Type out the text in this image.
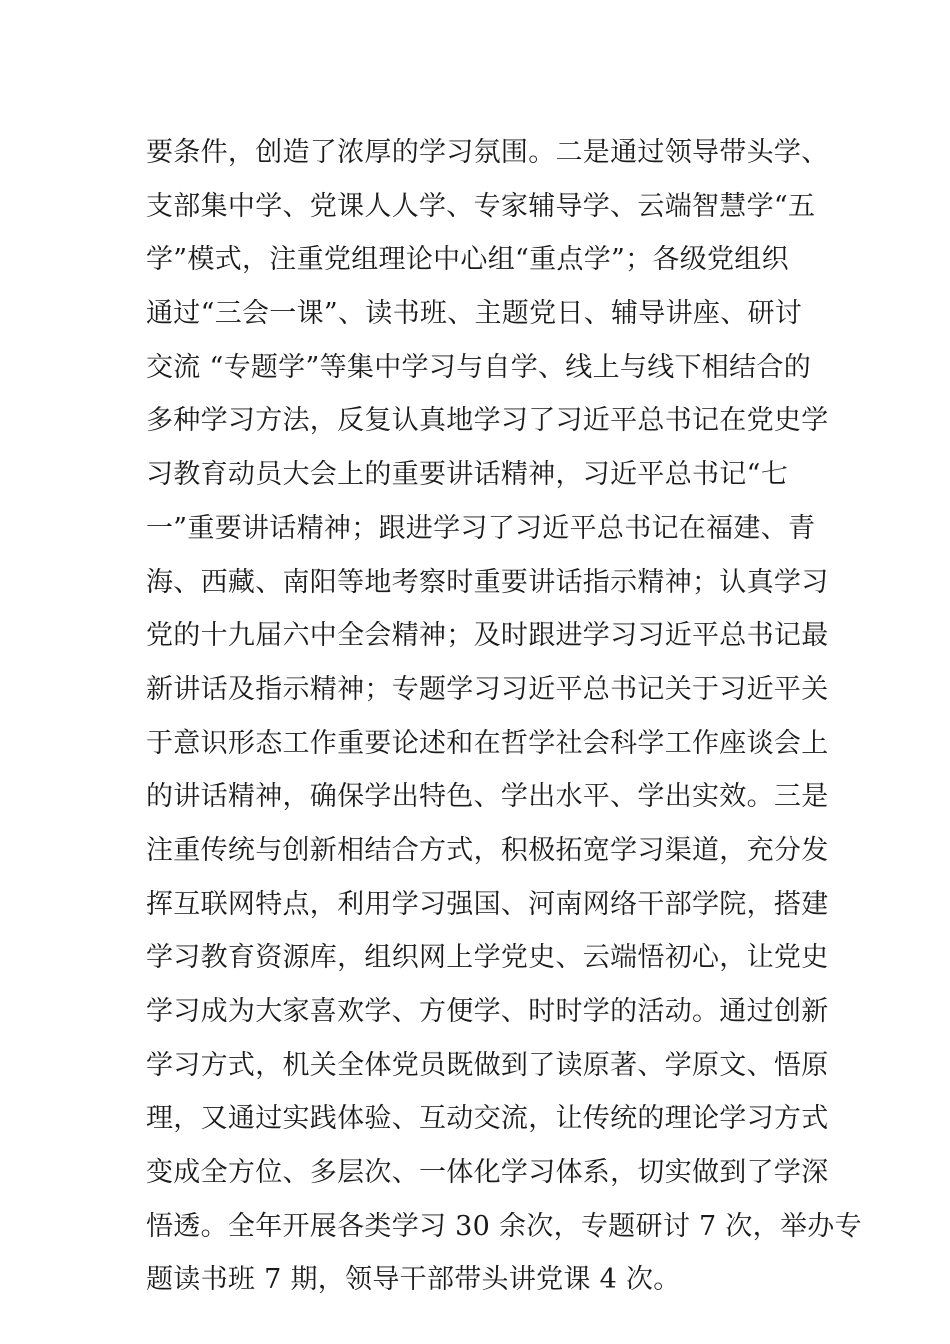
要条件，创造了浓厚的学习氛围。二是通过领导带头学、
支部集中学、党课人人学、专家辅导学、云端智慧学“五
学”模式，注重党组理论中心组“重点学”；各级党组织
通过“三会一课”、读书班、主题党日、辅导讲座、研讨
交流 “专题学”等集中学习与自学、线上与线下相结合的
多种学习方法，反复认真地学习了习近平总书记在党史学
习教育动员大会上的重要讲话精神，习近平总书记“七
一”重要讲话精神；跟进学习了习近平总书记在福建、青
海、西藏、南阳等地考察时重要讲话指示精神；认真学习
党的十九届六中全会精神；及时跟进学习习近平总书记最
新讲话及指示精神；专题学习习近平总书记关于习近平关
于意识形态工作重要论述和在哲学社会科学工作座谈会上
的讲话精神，确保学出特色、学出水平、学出实效。三是
注重传统与创新相结合方式，积极拓宽学习渠道，充分发
挥互联网特点，利用学习强国、河南网络干部学院，搭建
学习教育资源库，组织网上学党史、云端悟初心，让党史
学习成为大家喜欢学、方便学、时时学的活动。通过创新
学习方式，机关全体党员既做到了读原著、学原文、悟原
理，又通过实践体验、互动交流，让传统的理论学习方式
变成全方位、多层次、一体化学习体系，切实做到了学深
悟透。全年开展各类学习 30 余次，专题研讨 7 次，举办专
题读书班 7 期，领导干部带头讲党课 4 次。
